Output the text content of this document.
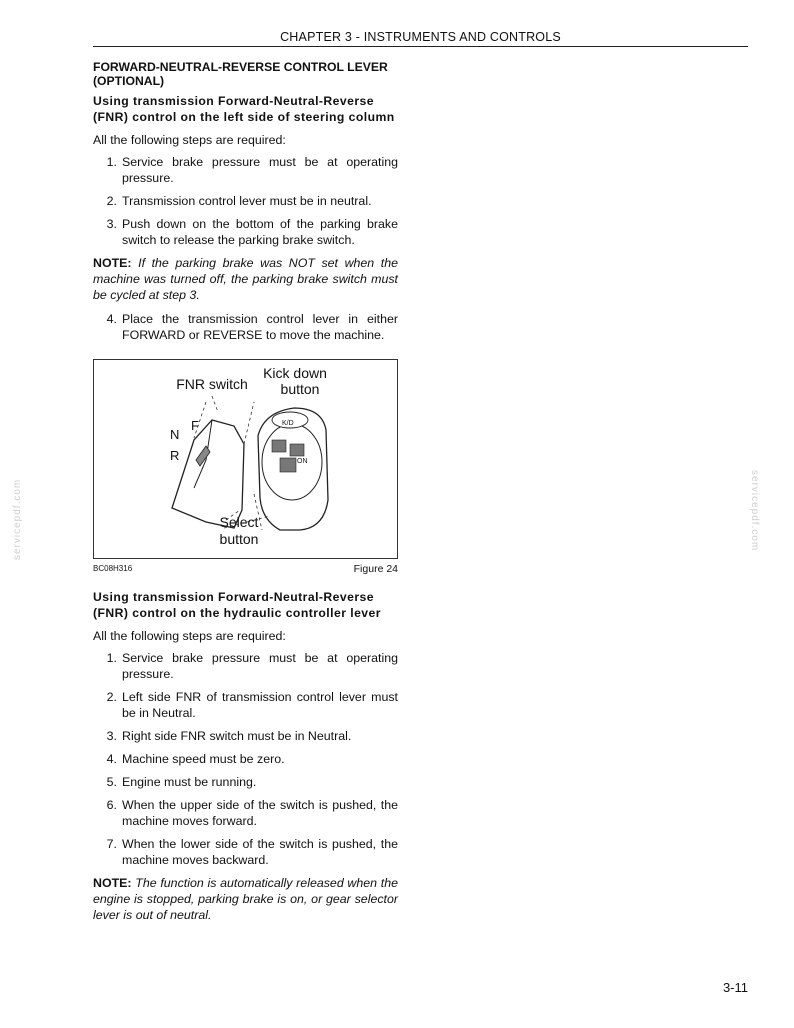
CHAPTER 3 - INSTRUMENTS AND CONTROLS
FORWARD-NEUTRAL-REVERSE CONTROL LEVER (OPTIONAL)
Using transmission Forward-Neutral-Reverse (FNR) control on the left side of steering column
All the following steps are required:
1. Service brake pressure must be at operating pressure.
2. Transmission control lever must be in neutral.
3. Push down on the bottom of the parking brake switch to release the parking brake switch.
NOTE: If the parking brake was NOT set when the machine was turned off, the parking brake switch must be cycled at step 3.
4. Place the transmission control lever in either FORWARD or REVERSE to move the machine.
FNR switch
Kick down
button
N
F
R
K/D
ON
Select
button
BC08H316	Figure 24
Using transmission Forward-Neutral-Reverse (FNR) control on the hydraulic controller lever
All the following steps are required:
1. Service brake pressure must be at operating pressure.
2. Left side FNR of transmission control lever must be in Neutral.
3. Right side FNR switch must be in Neutral.
4. Machine speed must be zero.
5. Engine must be running.
6. When the upper side of the switch is pushed, the machine moves forward.
7. When the lower side of the switch is pushed, the machine moves backward.
NOTE: The function is automatically released when the engine is stopped, parking brake is on, or gear selector lever is out of neutral.
servicepdf.com	servicepdf.com
3-11
